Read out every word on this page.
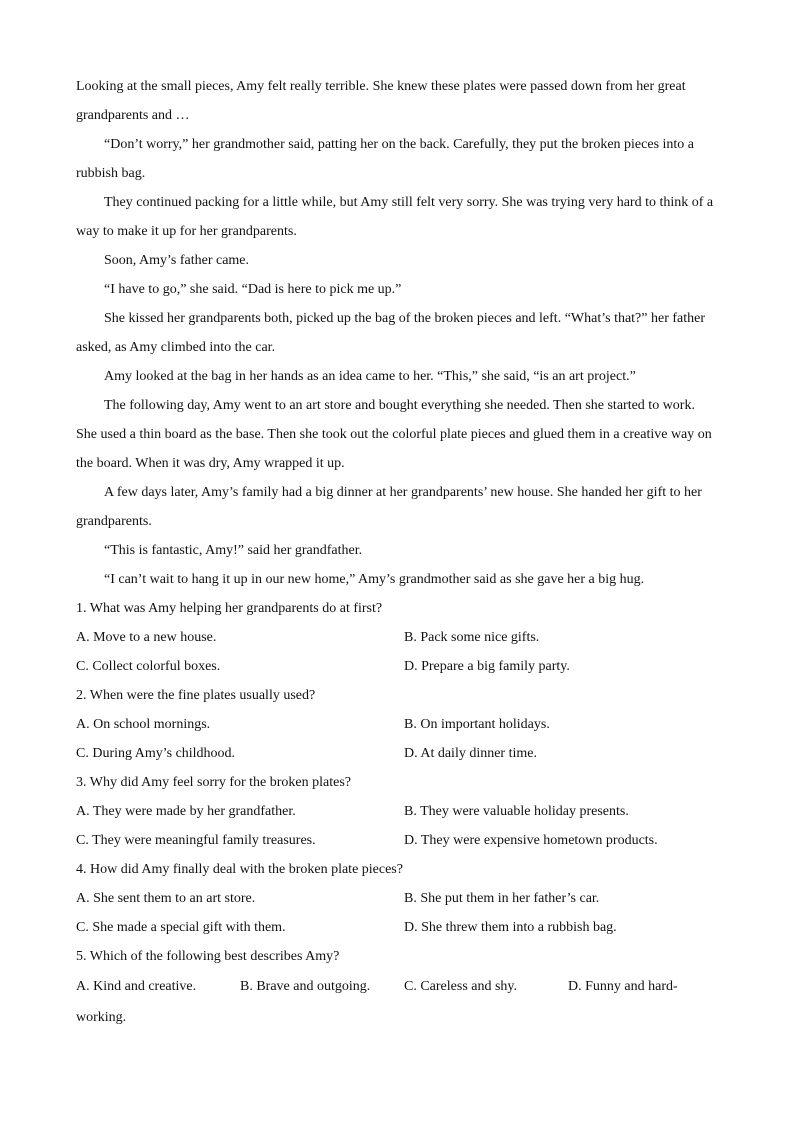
Looking at the small pieces, Amy felt really terrible. She knew these plates were passed down from her great
grandparents and …
“Don’t worry,” her grandmother said, patting her on the back. Carefully, they put the broken pieces into a
rubbish bag.
They continued packing for a little while, but Amy still felt very sorry. She was trying very hard to think of a
way to make it up for her grandparents.
Soon, Amy’s father came.
“I have to go,” she said. “Dad is here to pick me up.”
She kissed her grandparents both, picked up the bag of the broken pieces and left. “What’s that?” her father
asked, as Amy climbed into the car.
Amy looked at the bag in her hands as an idea came to her. “This,” she said, “is an art project.”
The following day, Amy went to an art store and bought everything she needed. Then she started to work.
She used a thin board as the base. Then she took out the colorful plate pieces and glued them in a creative way on
the board. When it was dry, Amy wrapped it up.
A few days later, Amy’s family had a big dinner at her grandparents’ new house. She handed her gift to her
grandparents.
“This is fantastic, Amy!” said her grandfather.
“I can’t wait to hang it up in our new home,” Amy’s grandmother said as she gave her a big hug.
1. What was Amy helping her grandparents do at first?
A. Move to a new house.	B. Pack some nice gifts.
C. Collect colorful boxes.	D. Prepare a big family party.
2. When were the fine plates usually used?
A. On school mornings.	B. On important holidays.
C. During Amy’s childhood.	D. At daily dinner time.
3. Why did Amy feel sorry for the broken plates?
A. They were made by her grandfather.	B. They were valuable holiday presents.
C. They were meaningful family treasures.	D. They were expensive hometown products.
4. How did Amy finally deal with the broken plate pieces?
A. She sent them to an art store.	B. She put them in her father’s car.
C. She made a special gift with them.	D. She threw them into a rubbish bag.
5. Which of the following best describes Amy?
A. Kind and creative.	B. Brave and outgoing. C. Careless and shy.	D. Funny and hard-
working.
